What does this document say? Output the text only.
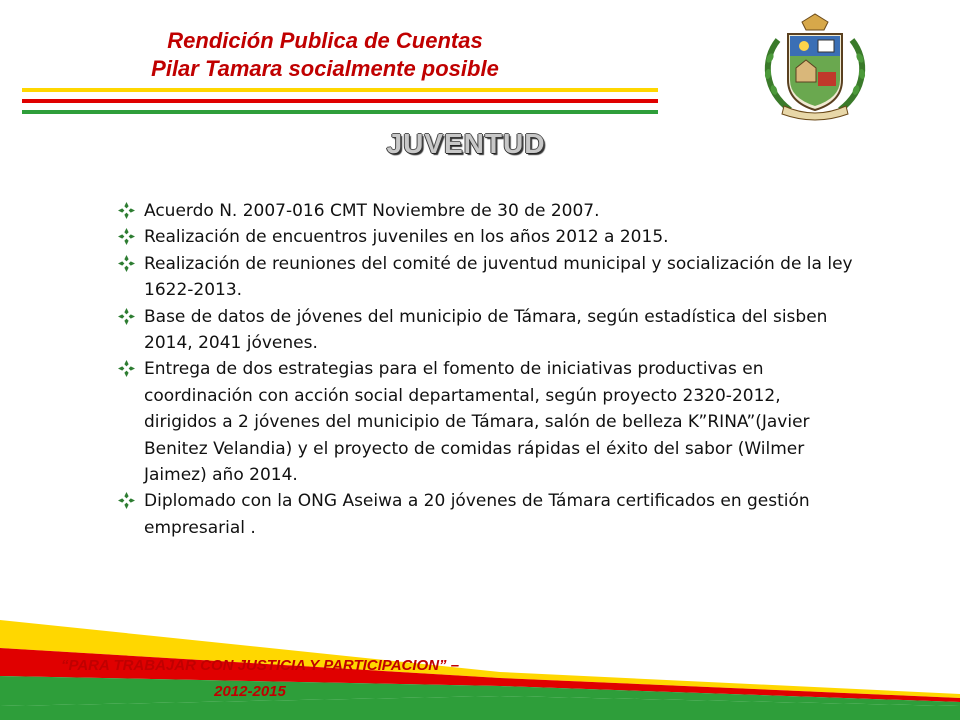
Rendición Publica de Cuentas
Pilar Tamara socialmente posible
JUVENTUD
Acuerdo N. 2007-016 CMT Noviembre de 30 de 2007.
Realización de encuentros juveniles en los años 2012 a 2015.
Realización de reuniones del comité de juventud municipal y socialización de la ley 1622-2013.
Base de datos de jóvenes del municipio de Támara, según estadística del sisben 2014, 2041 jóvenes.
Entrega de dos estrategias para el fomento de iniciativas productivas en coordinación con acción social departamental, según proyecto 2320-2012, dirigidos a 2 jóvenes del municipio de Támara, salón de belleza K”RINA”(Javier Benitez Velandia) y el proyecto de comidas rápidas el éxito del sabor (Wilmer Jaimez) año 2014.
Diplomado con la ONG Aseiwa a 20 jóvenes de Támara certificados en gestión empresarial .
“PARA TRABAJAR CON JUSTICIA Y PARTICIPACION” –
2012-2015
